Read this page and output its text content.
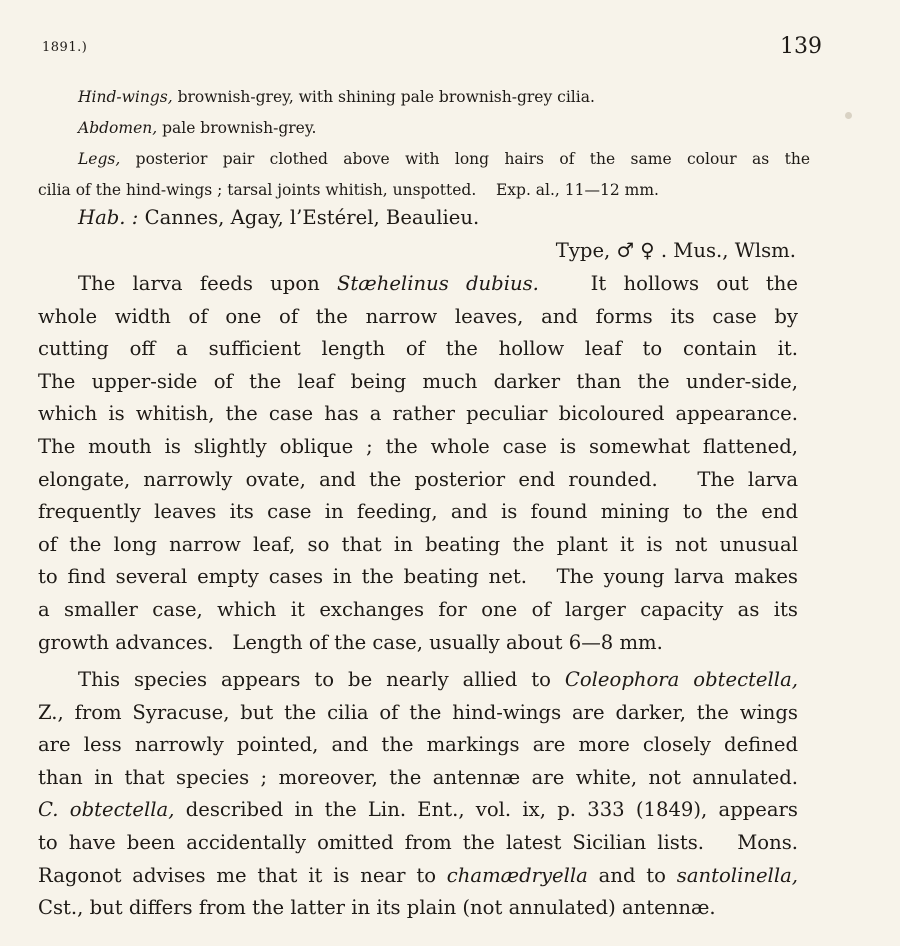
1891.)	139

Hind-wings, brownish-grey, with shining pale brownish-grey cilia.

Abdomen, pale brownish-grey.

Legs, posterior pair clothed above with long hairs of the same colour as the

cilia of the hind-wings ; tarsal joints whitish, unspotted.    Exp. al., 11—12 mm.

Hab. : Cannes, Agay, l’Estérel, Beaulieu.

Type, ♂ ♀ . Mus., Wlsm.

The larva feeds upon Stæhelinus dubius.   It hollows out the

whole width of one of the narrow leaves, and forms its case by

cutting off a sufficient length of the hollow leaf to contain it.

The upper-side of the leaf being much darker than the under-side,

which is whitish, the case has a rather peculiar bicoloured appearance.

The mouth is slightly oblique ; the whole case is somewhat flattened,

elongate, narrowly ovate, and the posterior end rounded.   The larva

frequently leaves its case in feeding, and is found mining to the end

of the long narrow leaf, so that in beating the plant it is not unusual

to find several empty cases in the beating net.   The young larva makes

a smaller case, which it exchanges for one of larger capacity as its

growth advances.   Length of the case, usually about 6—8 mm.

This species appears to be nearly allied to Coleophora obtectella,

Z., from Syracuse, but the cilia of the hind-wings are darker, the wings

are less narrowly pointed, and the markings are more closely defined

than in that species ; moreover, the antennæ are white, not annulated.

C. obtectella, described in the Lin. Ent., vol. ix, p. 333 (1849), appears

to have been accidentally omitted from the latest Sicilian lists.   Mons.

Ragonot advises me that it is near to chamædryella and to santolinella,

Cst., but differs from the latter in its plain (not annulated) antennæ.
